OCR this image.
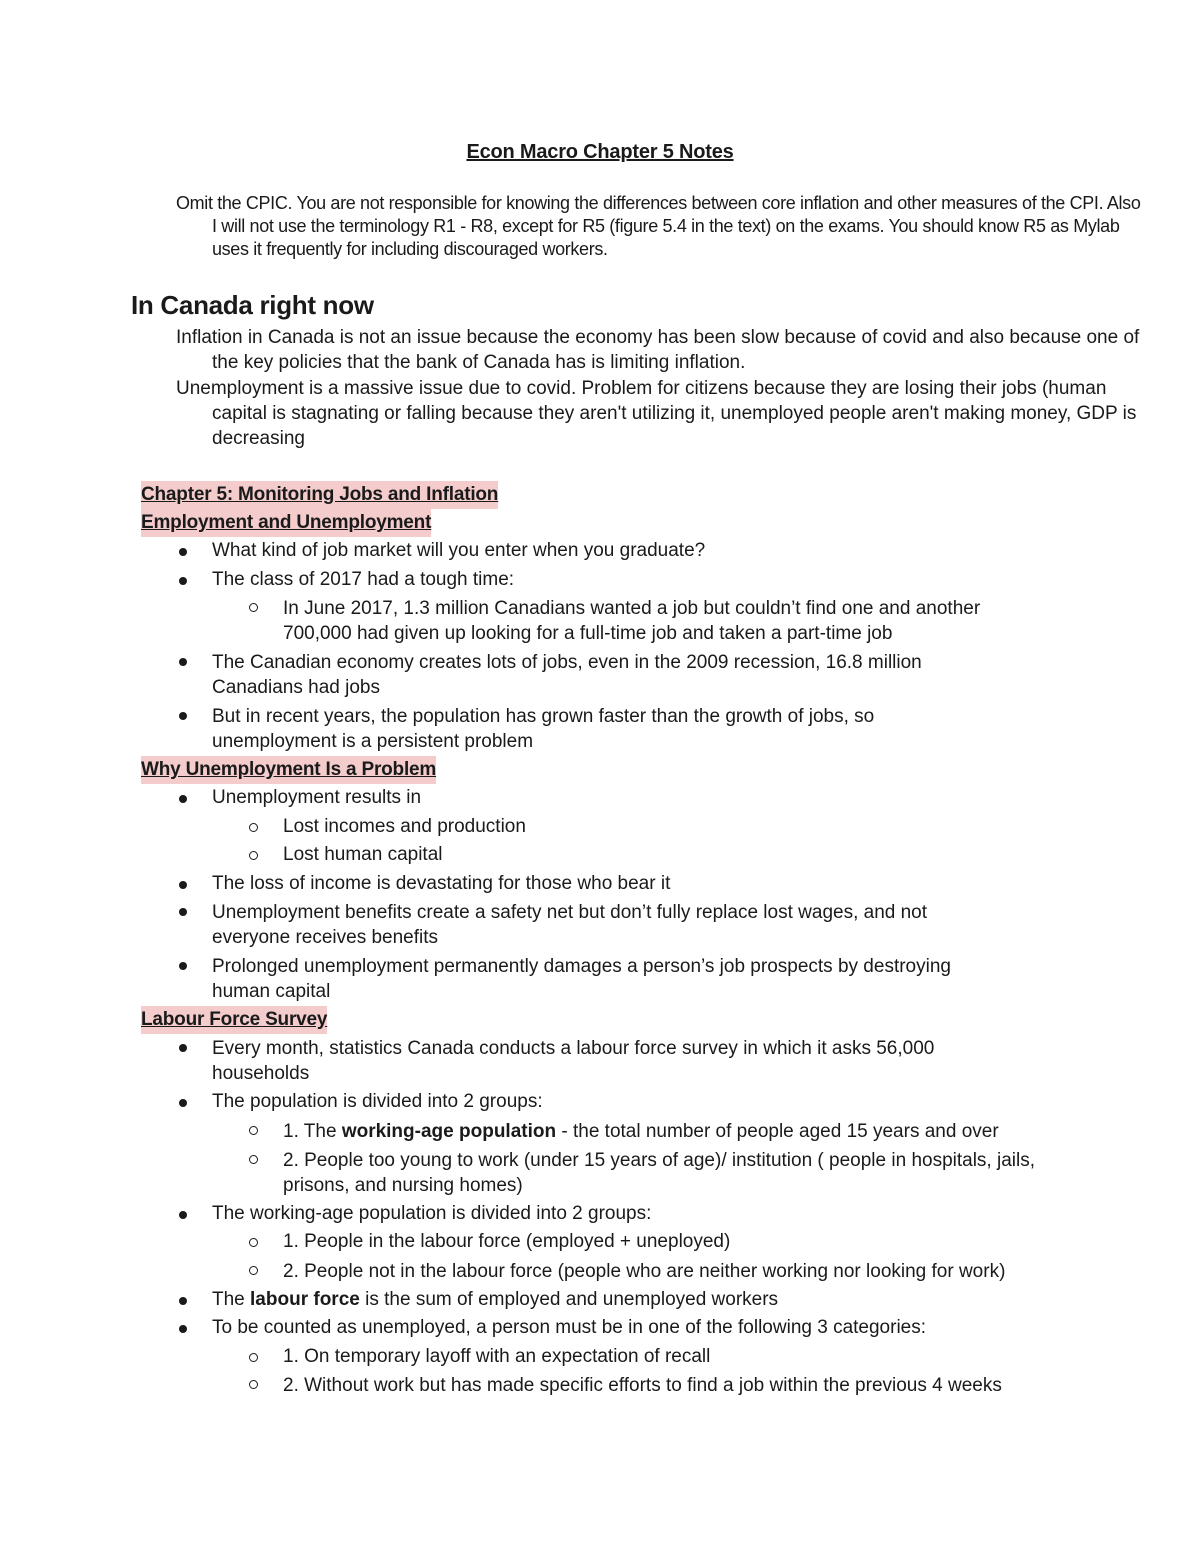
Econ Macro Chapter 5 Notes
Omit the CPIC. You are not responsible for knowing the differences between core inflation and other measures of the CPI. Also I will not use the terminology R1 - R8, except for R5 (figure 5.4 in the text) on the exams. You should know R5 as Mylab uses it frequently for including discouraged workers.
In Canada right now
Inflation in Canada is not an issue because the economy has been slow because of covid and also because one of the key policies that the bank of Canada has is limiting inflation.
Unemployment is a massive issue due to covid. Problem for citizens because they are losing their jobs (human capital is stagnating or falling because they aren't utilizing it, unemployed people aren't making money, GDP is decreasing
Chapter 5: Monitoring Jobs and Inflation
Employment and Unemployment
What kind of job market will you enter when you graduate?
The class of 2017 had a tough time:
In June 2017, 1.3 million Canadians wanted a job but couldn’t find one and another 700,000 had given up looking for a full-time job and taken a part-time job
The Canadian economy creates lots of jobs, even in the 2009 recession, 16.8 million Canadians had jobs
But in recent years, the population has grown faster than the growth of jobs, so unemployment is a persistent problem
Why Unemployment Is a Problem
Unemployment results in
Lost incomes and production
Lost human capital
The loss of income is devastating for those who bear it
Unemployment benefits create a safety net but don’t fully replace lost wages, and not everyone receives benefits
Prolonged unemployment permanently damages a person’s job prospects by destroying human capital
Labour Force Survey
Every month, statistics Canada conducts a labour force survey in which it asks 56,000 households
The population is divided into 2 groups:
1. The working-age population - the total number of people aged 15 years and over
2. People too young to work (under 15 years of age)/ institution ( people in hospitals, jails, prisons, and nursing homes)
The working-age population is divided into 2 groups:
1. People in the labour force (employed + uneployed)
2. People not in the labour force (people who are neither working nor looking for work)
The labour force is the sum of employed and unemployed workers
To be counted as unemployed, a person must be in one of the following 3 categories:
1. On temporary layoff with an expectation of recall
2. Without work but has made specific efforts to find a job within the previous 4 weeks
